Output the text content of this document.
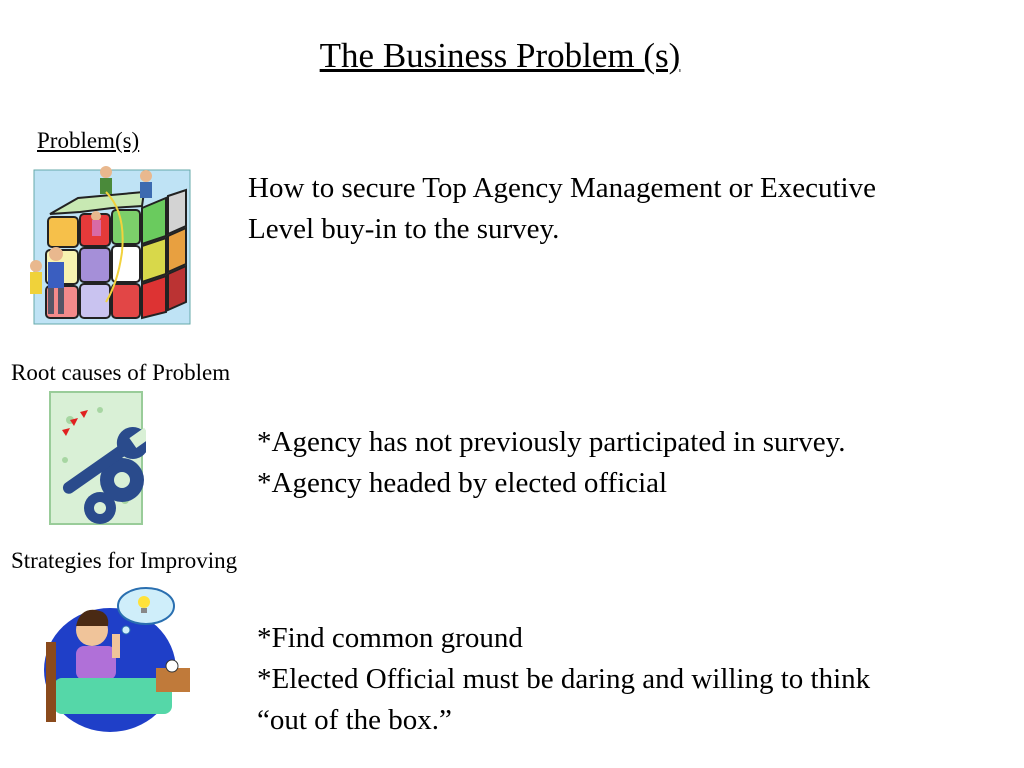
The Business Problem (s)
Problem(s)
How to secure Top Agency Management or Executive
Level buy-in to the survey.
Root causes of Problem
*Agency has not previously participated in survey.
*Agency headed by elected official
Strategies for Improving
*Find common ground
*Elected Official must be daring and willing to think
“out of the box.”
